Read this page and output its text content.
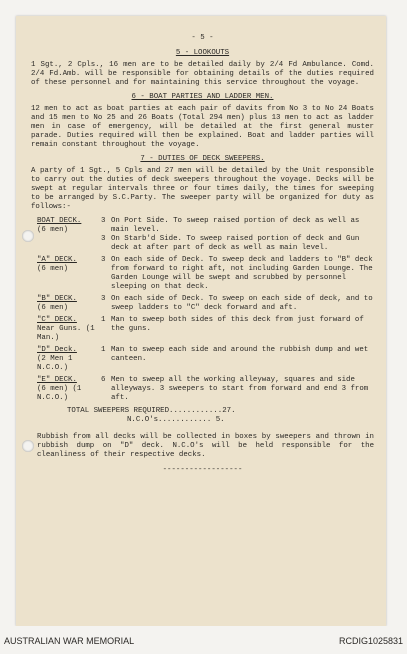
- 5 -
5 - LOOKOUTS

1 Sgt., 2 Cpls., 16 men are to be detailed daily by 2/4 Fd Ambulance. Comd. 2/4 Fd.Amb. will be responsible for obtaining details of the duties required of these personnel and for maintaining this service throughout the voyage.

6 - BOAT PARTIES AND LADDER MEN.

12 men to act as boat parties at each pair of davits from No 3 to No 24 Boats and 15 men to No 25 and 26 Boats (Total 294 men) plus 13 men to act as ladder men in case of emergency, will be detailed at the first general muster parade. Duties required will then be explained. Boat and ladder parties will remain constant throughout the voyage.

7 - DUTIES OF DECK SWEEPERS.

A party of 1 Sgt., 5 Cpls and 27 men will be detailed by the Unit responsible to carry out the duties of deck sweepers throughout the voyage. Decks will be swept at regular intervals three or four times daily, the times for sweeping to be arranged by S.C.Party. The sweeper party will be organized for duty as follows:-

BOAT DECK.
(6 men)
3 On Port Side. To sweep raised portion of deck as well as main level.
3 On Starb'd Side. To sweep raised portion of deck and Gun deck at after part of deck as well as main level.
"A" DECK.
(6 men)
3 On each side of Deck. To sweep deck and ladders to "B" deck from forward to right aft, not including Garden Lounge. The Garden Lounge will be swept and scrubbed by personnel sleeping on that deck.
"B" DECK.
(6 men)
3 On each side of Deck. To sweep on each side of deck, and to sweep ladders to "C" deck forward and aft.
"C" DECK.
Near Guns. (1 Man.)
1 Man to sweep both sides of this deck from just forward of the guns.
"D" Deck.
(2 Men 1 N.C.O.)
1 Man to sweep each side and around the rubbish dump and wet canteen.
"E" DECK.
(6 men) (1 N.C.O.)
6 Men to sweep all the working alleyway, squares and side alleyways. 3 sweepers to start from forward and end 3 from aft.
TOTAL SWEEPERS REQUIRED............27.
N.C.O's............ 5.

Rubbish from all decks will be collected in boxes by sweepers and thrown in rubbish dump on "D" deck. N.C.O's will be held responsible for the cleanliness of their respective decks.

------------------
AUSTRALIAN WAR MEMORIAL	RCDIG1025831
